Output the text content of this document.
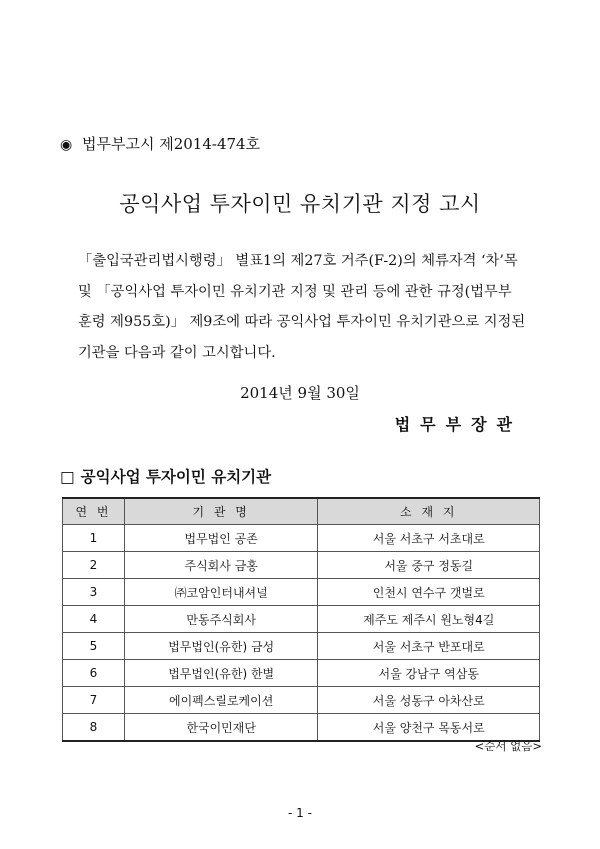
◉ 법무부고시 제2014-474호
공익사업 투자이민 유치기관 지정 고시

「출입국관리법시행령」 별표1의 제27호 거주(F-2)의 체류자격 ‘차’목

및 「공익사업 투자이민 유치기관 지정 및 관리 등에 관한 규정(법무부

훈령 제955호)」 제9조에 따라 공익사업 투자이민 유치기관으로 지정된

기관을 다음과 같이 고시합니다.

2014년 9월 30일
법무부장관
□ 공익사업 투자이민 유치기관
연 번	기 관 명	소 재 지
1	법무법인 공존	서울 서초구 서초대로
2	주식회사 금홍	서울 중구 정동길
3	㈜코암인터내셔널	인천시 연수구 갯벌로
4	만동주식회사	제주도 제주시 원노형4길
5	법무법인(유한) 금성	서울 서초구 반포대로
6	법무법인(유한) 한별	서울 강남구 역삼동
7	에이펙스릴로케이션	서울 성동구 아차산로
8	한국이민재단	서울 양천구 목동서로
<순서 없음>
- 1 -
